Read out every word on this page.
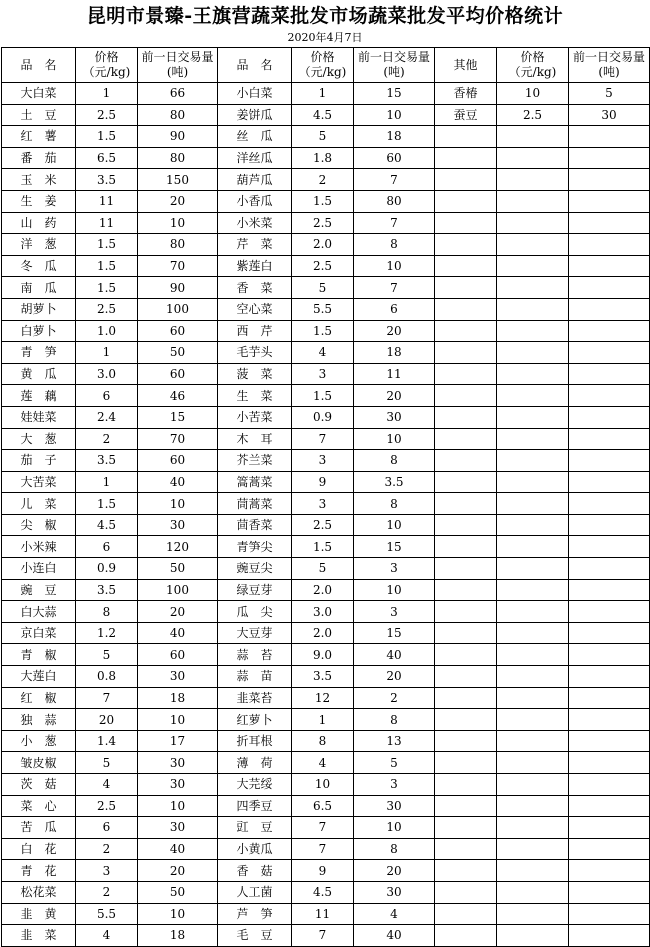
昆明市景臻-王旗营蔬菜批发市场蔬菜批发平均价格统计
2020年4月7日
品　名	价格（元/kg)	前一日交易量(吨)	品　名	价格（元/kg)	前一日交易量(吨)	其他	价格（元/kg)	前一日交易量(吨)
大白菜	1	66	小白菜	1	15	香椿	10	5
土　豆	2.5	80	姜饼瓜	4.5	10	蚕豆	2.5	30
红　薯	1.5	90	丝　瓜	5	18			
番　茄	6.5	80	洋丝瓜	1.8	60			
玉　米	3.5	150	葫芦瓜	2	7			
生　姜	11	20	小香瓜	1.5	80			
山　药	11	10	小米菜	2.5	7			
洋　葱	1.5	80	芹　菜	2.0	8			
冬　瓜	1.5	70	紫莲白	2.5	10			
南　瓜	1.5	90	香　菜	5	7			
胡萝卜	2.5	100	空心菜	5.5	6			
白萝卜	1.0	60	西　芹	1.5	20			
青　笋	1	50	毛芋头	4	18			
黄　瓜	3.0	60	菠　菜	3	11			
莲　藕	6	46	生　菜	1.5	20			
娃娃菜	2.4	15	小苦菜	0.9	30			
大　葱	2	70	木　耳	7	10			
茄　子	3.5	60	芥兰菜	3	8			
大苦菜	1	40	篙蒿菜	9	3.5			
儿　菜	1.5	10	茼蒿菜	3	8			
尖　椒	4.5	30	茴香菜	2.5	10			
小米辣	6	120	青笋尖	1.5	15			
小连白	0.9	50	豌豆尖	5	3			
豌　豆	3.5	100	绿豆芽	2.0	10			
白大蒜	8	20	瓜　尖	3.0	3			
京白菜	1.2	40	大豆芽	2.0	15			
青　椒	5	60	蒜　苔	9.0	40			
大莲白	0.8	30	蒜　苗	3.5	20			
红　椒	7	18	韭菜苔	12	2			
独　蒜	20	10	红萝卜	1	8			
小　葱	1.4	17	折耳根	8	13			
皱皮椒	5	30	薄　荷	4	5			
茨　菇	4	30	大芫绥	10	3			
菜　心	2.5	10	四季豆	6.5	30			
苦　瓜	6	30	豇　豆	7	10			
白　花	2	40	小黄瓜	7	8			
青　花	3	20	香　菇	9	20			
松花菜	2	50	人工菌	4.5	30			
韭　黄	5.5	10	芦　笋	11	4			
韭　菜	4	18	毛　豆	7	40			
